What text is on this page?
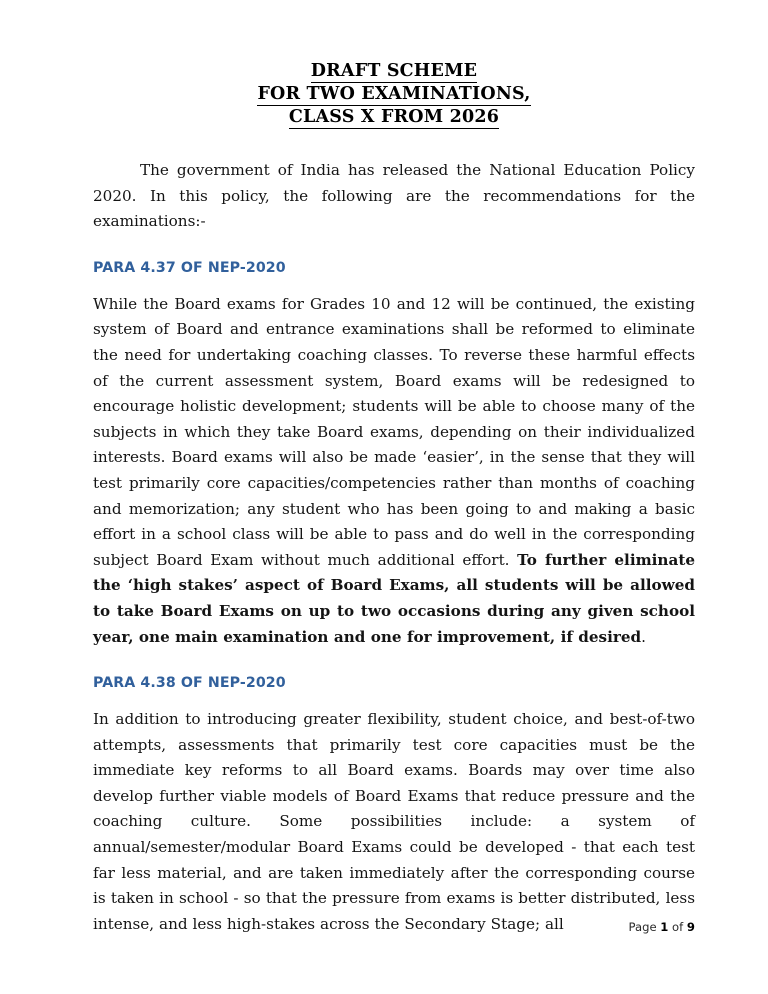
DRAFT SCHEME
FOR TWO EXAMINATIONS,
CLASS X FROM 2026

The government of India has released the National Education Policy 2020. In this policy, the following are the recommendations for the examinations:-

PARA 4.37 OF NEP-2020

While the Board exams for Grades 10 and 12 will be continued, the existing system of Board and entrance examinations shall be reformed to eliminate the need for undertaking coaching classes. To reverse these harmful effects of the current assessment system, Board exams will be redesigned to encourage holistic development; students will be able to choose many of the subjects in which they take Board exams, depending on their individualized interests. Board exams will also be made ‘easier’, in the sense that they will test primarily core capacities/competencies rather than months of coaching and memorization; any student who has been going to and making a basic effort in a school class will be able to pass and do well in the corresponding subject Board Exam without much additional effort. To further eliminate the ‘high stakes’ aspect of Board Exams, all students will be allowed to take Board Exams on up to two occasions during any given school year, one main examination and one for improvement, if desired.

PARA 4.38 OF NEP-2020

In addition to introducing greater flexibility, student choice, and best-of-two attempts, assessments that primarily test core capacities must be the immediate key reforms to all Board exams. Boards may over time also develop further viable models of Board Exams that reduce pressure and the coaching culture. Some possibilities include: a system of annual/semester/modular Board Exams could be developed - that each test far less material, and are taken immediately after the corresponding course is taken in school - so that the pressure from exams is better distributed, less intense, and less high-stakes across the Secondary Stage; all	Page 1 of 9
